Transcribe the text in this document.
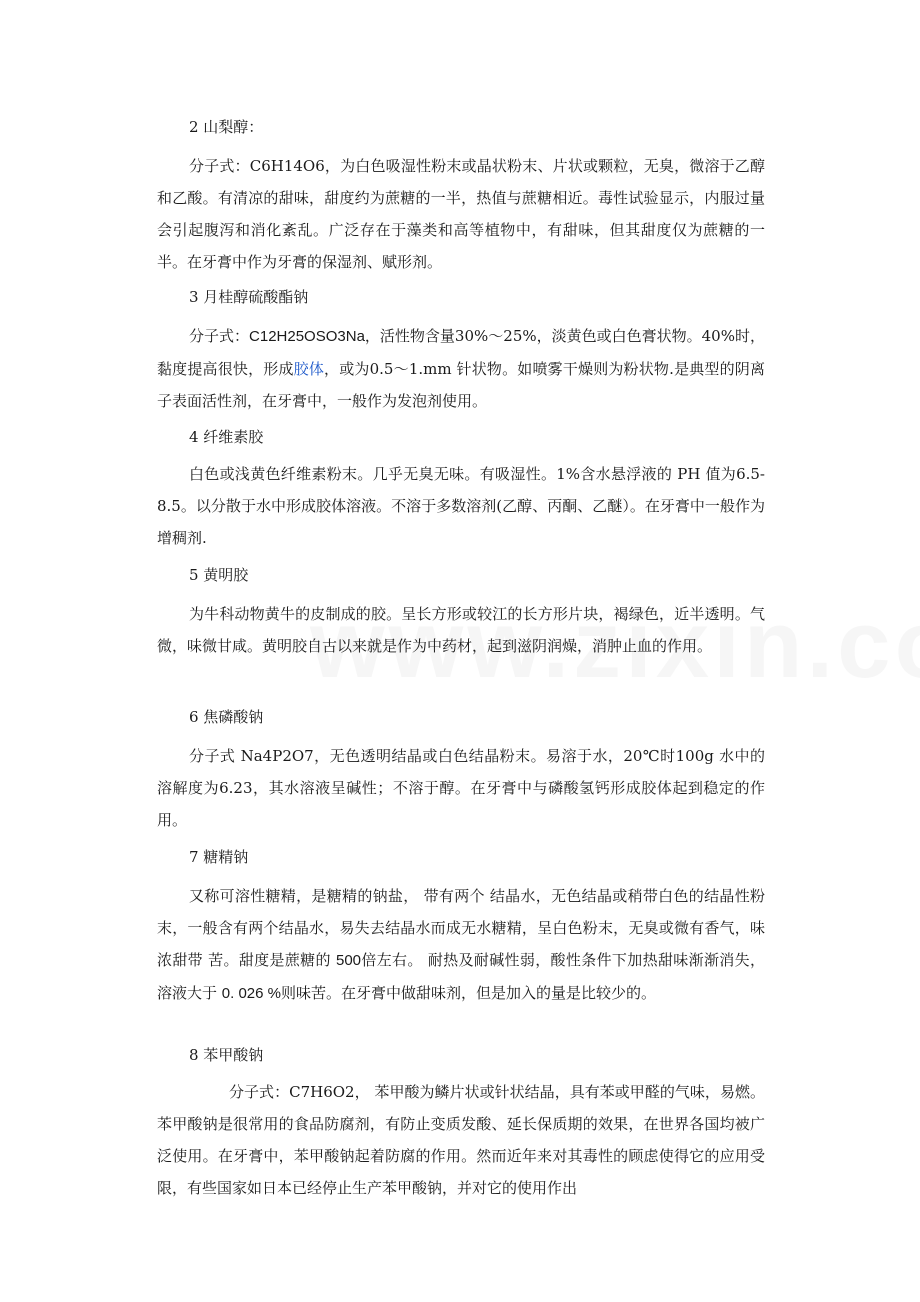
2 山梨醇：
分子式：C6H14O6，为白色吸湿性粉末或晶状粉末、片状或颗粒，无臭，微溶于乙醇和乙酸。有清凉的甜味，甜度约为蔗糖的一半，热值与蔗糖相近。毒性试验显示，内服过量会引起腹泻和消化紊乱。广泛存在于藻类和高等植物中，有甜味，但其甜度仅为蔗糖的一半。在牙膏中作为牙膏的保湿剂、赋形剂。
3 月桂醇硫酸酯钠
分子式：C12H25OSO3Na，活性物含量30%～25%，淡黄色或白色膏状物。40%时，黏度提高很快，形成胶体，或为0.5～1.mm 针状物。如喷雾干燥则为粉状物.是典型的阴离子表面活性剂，在牙膏中，一般作为发泡剂使用。
4 纤维素胶
白色或浅黄色纤维素粉末。几乎无臭无味。有吸湿性。1%含水悬浮液的 PH 值为6.5-8.5。以分散于水中形成胶体溶液。不溶于多数溶剂(乙醇、丙酮、乙醚）。在牙膏中一般作为增稠剂.
5 黄明胶
为牛科动物黄牛的皮制成的胶。呈长方形或较江的长方形片块，褐绿色，近半透明。气微，味微甘咸。黄明胶自古以来就是作为中药材，起到滋阴润燥，消肿止血的作用。
6 焦磷酸钠
分子式 Na4P2O7，无色透明结晶或白色结晶粉末。易溶于水，20℃时100g 水中的溶解度为6.23，其水溶液呈碱性；不溶于醇。在牙膏中与磷酸氢钙形成胶体起到稳定的作用。
7 糖精钠
又称可溶性糖精，是糖精的钠盐， 带有两个 结晶水，无色结晶或稍带白色的结晶性粉末，一般含有两个结晶水，易失去结晶水而成无水糖精，呈白色粉末，无臭或微有香气，味浓甜带 苦。甜度是蔗糖的 500倍左右。 耐热及耐碱性弱，酸性条件下加热甜味渐渐消失，溶液大于 0. 026 %则味苦。在牙膏中做甜味剂，但是加入的量是比较少的。
8 苯甲酸钠
分子式：C7H6O2， 苯甲酸为鳞片状或针状结晶，具有苯或甲醛的气味，易燃。苯甲酸钠是很常用的食品防腐剂，有防止变质发酸、延长保质期的效果，在世界各国均被广泛使用。在牙膏中，苯甲酸钠起着防腐的作用。然而近年来对其毒性的顾虑使得它的应用受限，有些国家如日本已经停止生产苯甲酸钠，并对它的使用作出
